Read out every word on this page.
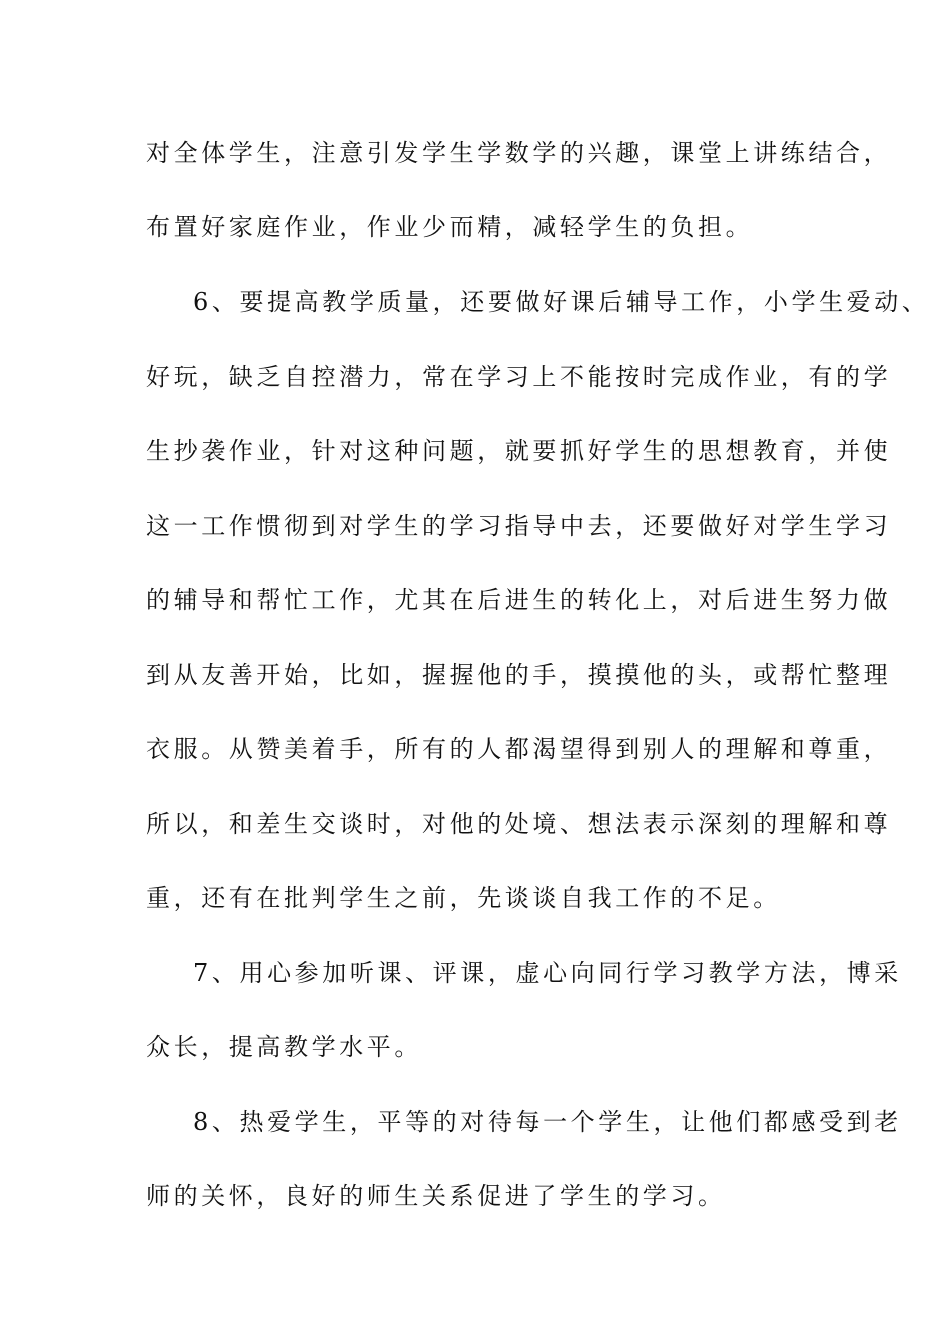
对全体学生，注意引发学生学数学的兴趣，课堂上讲练结合，
布置好家庭作业，作业少而精，减轻学生的负担。
6、要提高教学质量，还要做好课后辅导工作，小学生爱动、
好玩，缺乏自控潜力，常在学习上不能按时完成作业，有的学
生抄袭作业，针对这种问题，就要抓好学生的思想教育，并使
这一工作惯彻到对学生的学习指导中去，还要做好对学生学习
的辅导和帮忙工作，尤其在后进生的转化上，对后进生努力做
到从友善开始，比如，握握他的手，摸摸他的头，或帮忙整理
衣服。从赞美着手，所有的人都渴望得到别人的理解和尊重，
所以，和差生交谈时，对他的处境、想法表示深刻的理解和尊
重，还有在批判学生之前，先谈谈自我工作的不足。
7、用心参加听课、评课，虚心向同行学习教学方法，博采
众长，提高教学水平。
8、热爱学生，平等的对待每一个学生，让他们都感受到老
师的关怀，良好的师生关系促进了学生的学习。
